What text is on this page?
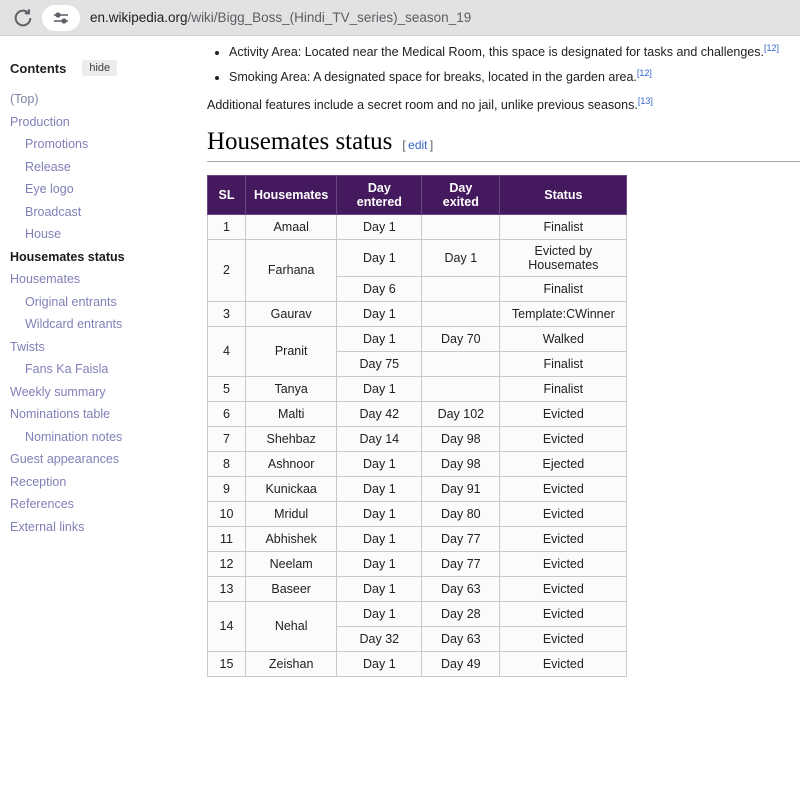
en.wikipedia.org/wiki/Bigg_Boss_(Hindi_TV_series)_season_19
Contents	hide
(Top)
Production
Promotions
Release
Eye logo
Broadcast
House
Housemates status
Housemates
Original entrants
Wildcard entrants
Twists
Fans Ka Faisla
Weekly summary
Nominations table
Nomination notes
Guest appearances
Reception
References
External links
• Activity Area: Located near the Medical Room, this space is designated for tasks and challenges.[12]
• Smoking Area: A designated space for breaks, located in the garden area.[12]

Additional features include a secret room and no jail, unlike previous seasons.[13]

Housemates status [ edit ]
SL	Housemates	Day entered	Day exited	Status
1	Amaal	Day 1		Finalist
2	Farhana	Day 1	Day 1	Evicted by Housemates
		Day 6		Finalist
3	Gaurav	Day 1		Template:CWinner
4	Pranit	Day 1	Day 70	Walked
		Day 75		Finalist
5	Tanya	Day 1		Finalist
6	Malti	Day 42	Day 102	Evicted
7	Shehbaz	Day 14	Day 98	Evicted
8	Ashnoor	Day 1	Day 98	Ejected
9	Kunickaa	Day 1	Day 91	Evicted
10	Mridul	Day 1	Day 80	Evicted
11	Abhishek	Day 1	Day 77	Evicted
12	Neelam	Day 1	Day 77	Evicted
13	Baseer	Day 1	Day 63	Evicted
14	Nehal	Day 1	Day 28	Evicted
		Day 32	Day 63	Evicted
15	Zeishan	Day 1	Day 49	Evicted
